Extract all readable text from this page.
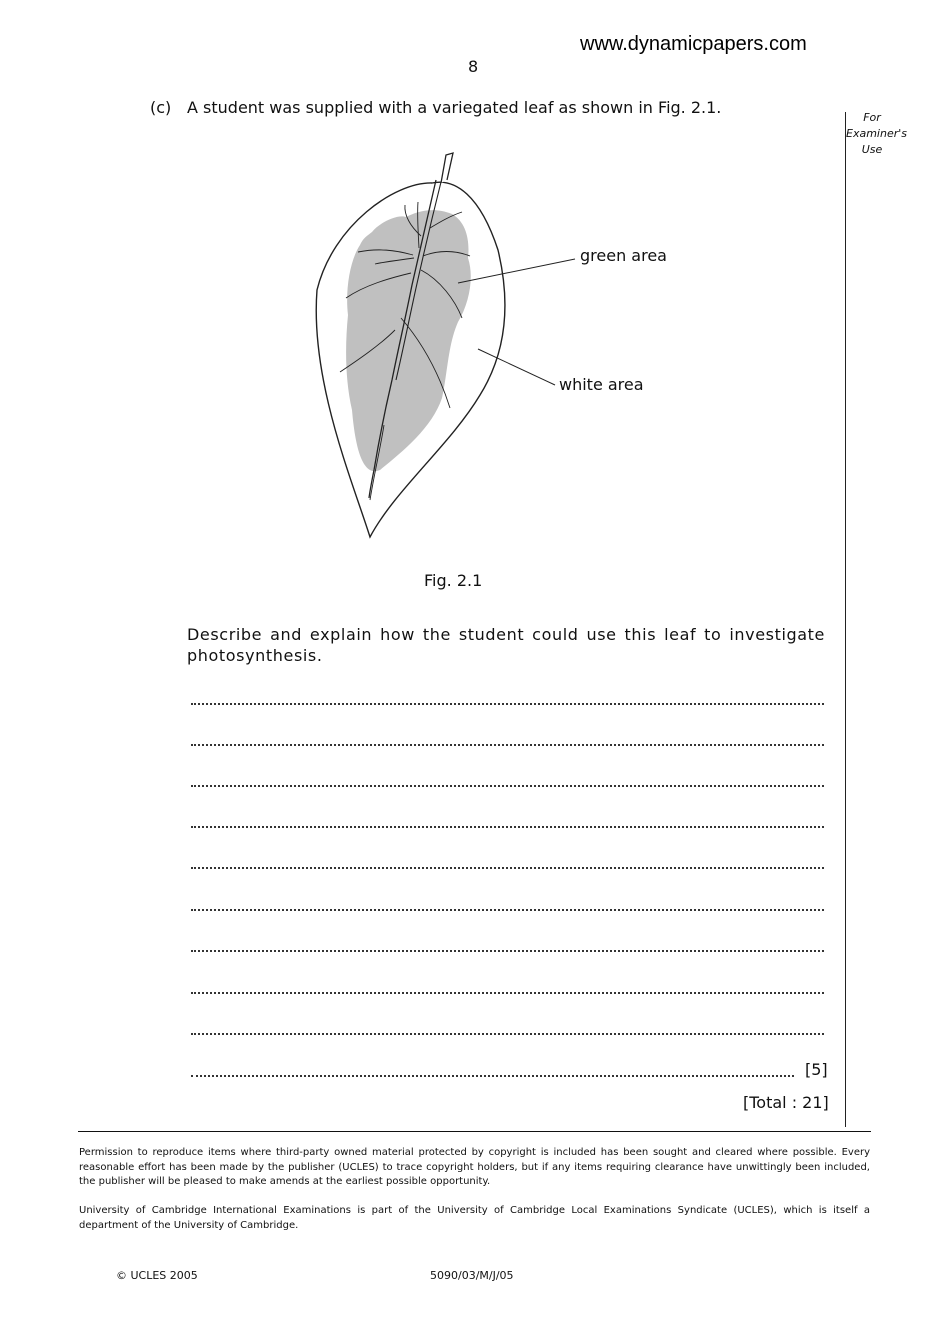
www.dynamicpapers.com
8
For
Examiner's
Use
(c) A student was supplied with a variegated leaf as shown in Fig. 2.1.
green area
white area
Fig. 2.1
Describe and explain how the student could use this leaf to investigate photosynthesis.
[5]
[Total : 21]
Permission to reproduce items where third-party owned material protected by copyright is included has been sought and cleared where possible. Every reasonable effort has been made by the publisher (UCLES) to trace copyright holders, but if any items requiring clearance have unwittingly been included, the publisher will be pleased to make amends at the earliest possible opportunity.
University of Cambridge International Examinations is part of the University of Cambridge Local Examinations Syndicate (UCLES), which is itself a department of the University of Cambridge.
© UCLES 2005	5090/03/M/J/05
